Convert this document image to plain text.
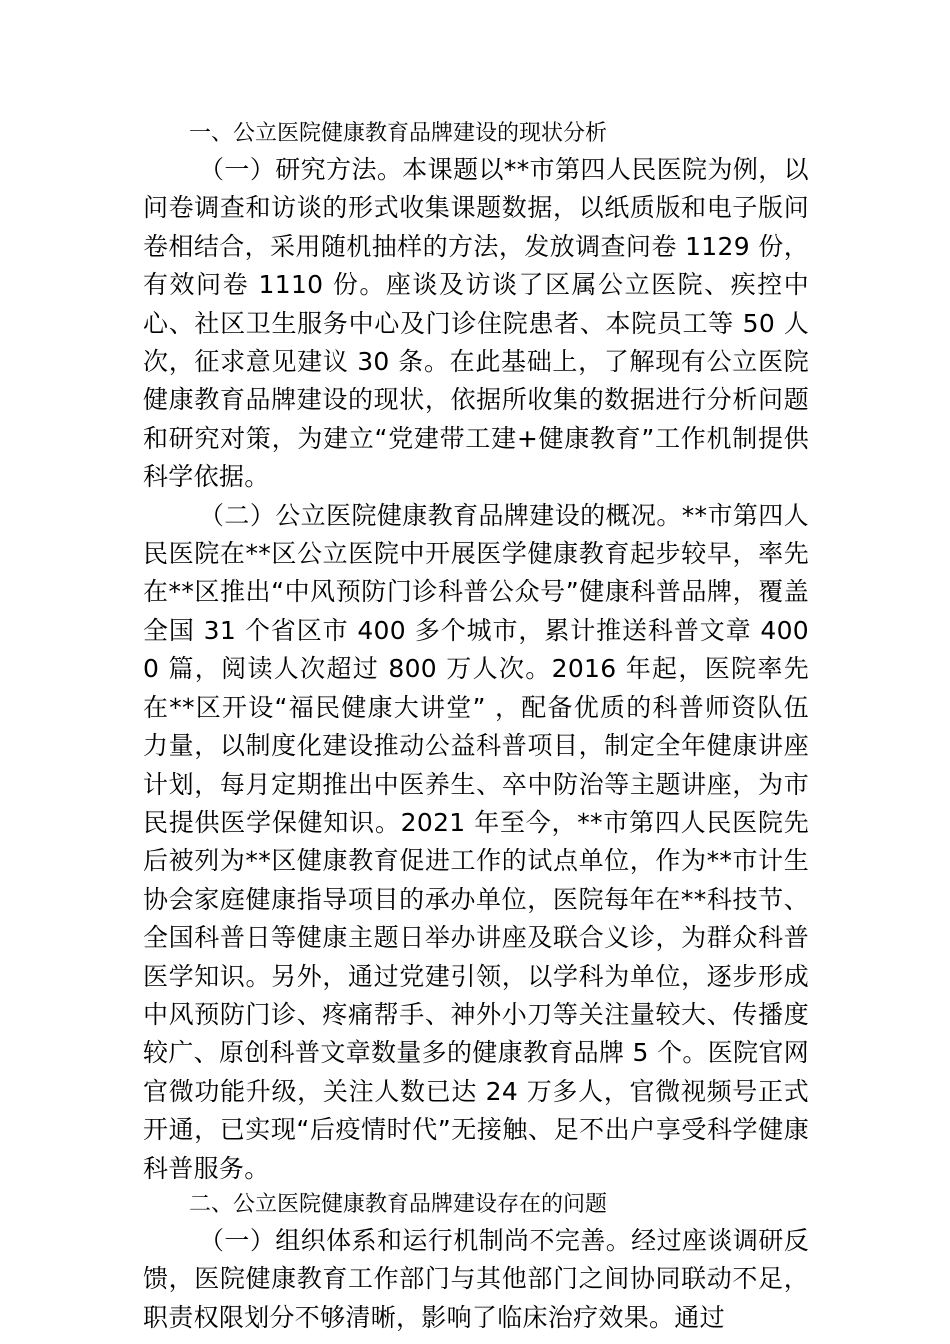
一、公立医院健康教育品牌建设的现状分析

（一）研究方法。本课题以**市第四人民医院为例，以问卷调查和访谈的形式收集课题数据，以纸质版和电子版问卷相结合，采用随机抽样的方法，发放调查问卷 1129 份，有效问卷 1110 份。座谈及访谈了区属公立医院、疾控中心、社区卫生服务中心及门诊住院患者、本院员工等 50 人次，征求意见建议 30 条。在此基础上，了解现有公立医院健康教育品牌建设的现状，依据所收集的数据进行分析问题和研究对策，为建立“党建带工建+健康教育”工作机制提供科学依据。

（二）公立医院健康教育品牌建设的概况。**市第四人民医院在**区公立医院中开展医学健康教育起步较早，率先在**区推出“中风预防门诊科普公众号”健康科普品牌，覆盖全国 31 个省区市 400 多个城市，累计推送科普文章 4000 篇，阅读人次超过 800 万人次。2016 年起，医院率先在**区开设“福民健康大讲堂” ，配备优质的科普师资队伍力量，以制度化建设推动公益科普项目，制定全年健康讲座计划，每月定期推出中医养生、卒中防治等主题讲座，为市民提供医学保健知识。2021 年至今，**市第四人民医院先后被列为**区健康教育促进工作的试点单位，作为**市计生协会家庭健康指导项目的承办单位，医院每年在**科技节、全国科普日等健康主题日举办讲座及联合义诊，为群众科普医学知识。另外，通过党建引领，以学科为单位，逐步形成中风预防门诊、疼痛帮手、神外小刀等关注量较大、传播度较广、原创科普文章数量多的健康教育品牌 5 个。医院官网官微功能升级，关注人数已达 24 万多人，官微视频号正式开通，已实现“后疫情时代”无接触、足不出户享受科学健康科普服务。

二、公立医院健康教育品牌建设存在的问题

（一）组织体系和运行机制尚不完善。经过座谈调研反馈，医院健康教育工作部门与其他部门之间协同联动不足，职责权限划分不够清晰，影响了临床治疗效果。通过
